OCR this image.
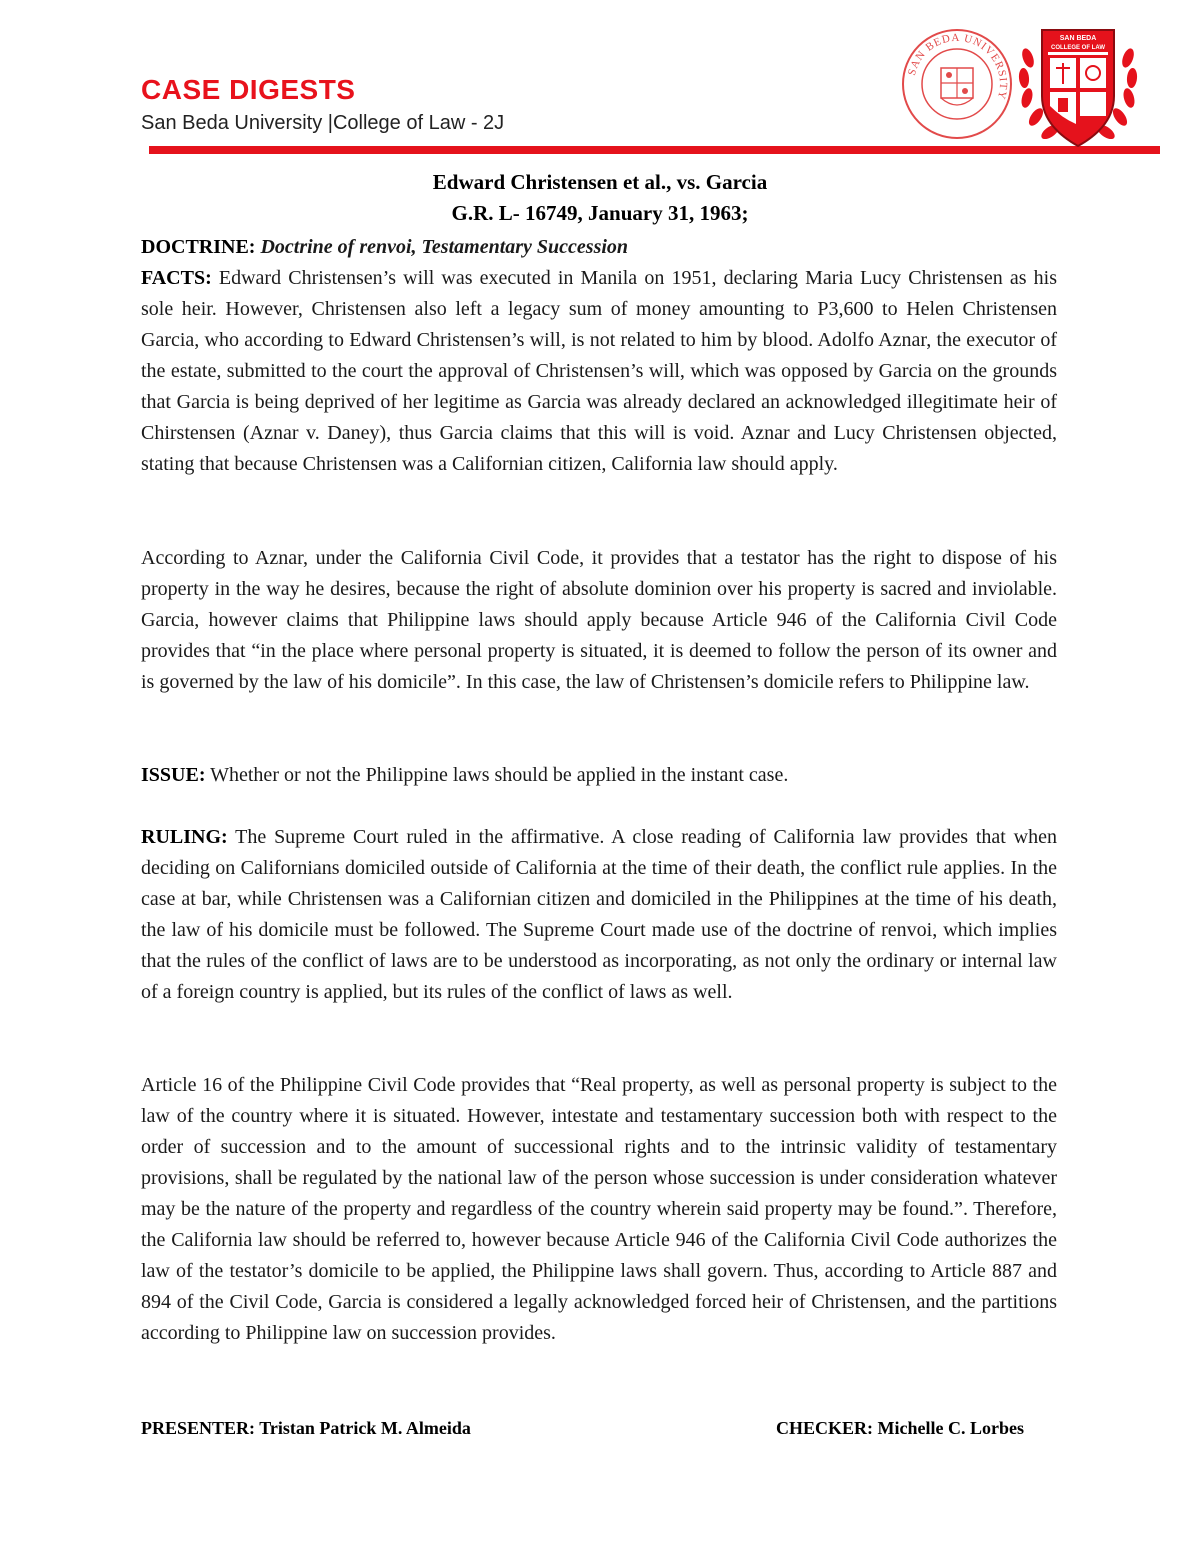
CASE DIGESTS
San Beda University |College of Law - 2J
SAN BEDA UNIVERSITY
SAN BEDA
COLLEGE OF LAW
Edward Christensen et al., vs. Garcia
G.R. L- 16749, January 31, 1963;

DOCTRINE: Doctrine of renvoi, Testamentary Succession

FACTS: Edward Christensen’s will was executed in Manila on 1951, declaring Maria Lucy Christensen as his sole heir. However, Christensen also left a legacy sum of money amounting to P3,600 to Helen Christensen Garcia, who according to Edward Christensen’s will, is not related to him by blood. Adolfo Aznar, the executor of the estate, submitted to the court the approval of Christensen’s will, which was opposed by Garcia on the grounds that Garcia is being deprived of her legitime as Garcia was already declared an acknowledged illegitimate heir of Chirstensen (Aznar v. Daney), thus Garcia claims that this will is void. Aznar and Lucy Christensen objected, stating that because Christensen was a Californian citizen, California law should apply.

According to Aznar, under the California Civil Code, it provides that a testator has the right to dispose of his property in the way he desires, because the right of absolute dominion over his property is sacred and inviolable. Garcia, however claims that Philippine laws should apply because Article 946 of the California Civil Code provides that “in the place where personal property is situated, it is deemed to follow the person of its owner and is governed by the law of his domicile”. In this case, the law of Christensen’s domicile refers to Philippine law.

ISSUE: Whether or not the Philippine laws should be applied in the instant case.

RULING: The Supreme Court ruled in the affirmative. A close reading of California law provides that when deciding on Californians domiciled outside of California at the time of their death, the conflict rule applies. In the case at bar, while Christensen was a Californian citizen and domiciled in the Philippines at the time of his death, the law of his domicile must be followed. The Supreme Court made use of the doctrine of renvoi, which implies that the rules of the conflict of laws are to be understood as incorporating, as not only the ordinary or internal law of a foreign country is applied, but its rules of the conflict of laws as well.

Article 16 of the Philippine Civil Code provides that “Real property, as well as personal property is subject to the law of the country where it is situated. However, intestate and testamentary succession both with respect to the order of succession and to the amount of successional rights and to the intrinsic validity of testamentary provisions, shall be regulated by the national law of the person whose succession is under consideration whatever may be the nature of the property and regardless of the country wherein said property may be found.”. Therefore, the California law should be referred to, however because Article 946 of the California Civil Code authorizes the law of the testator’s domicile to be applied, the Philippine laws shall govern. Thus, according to Article 887 and 894 of the Civil Code, Garcia is considered a legally acknowledged forced heir of Christensen, and the partitions according to Philippine law on succession provides.

PRESENTER: Tristan Patrick M. Almeida	CHECKER: Michelle C. Lorbes
